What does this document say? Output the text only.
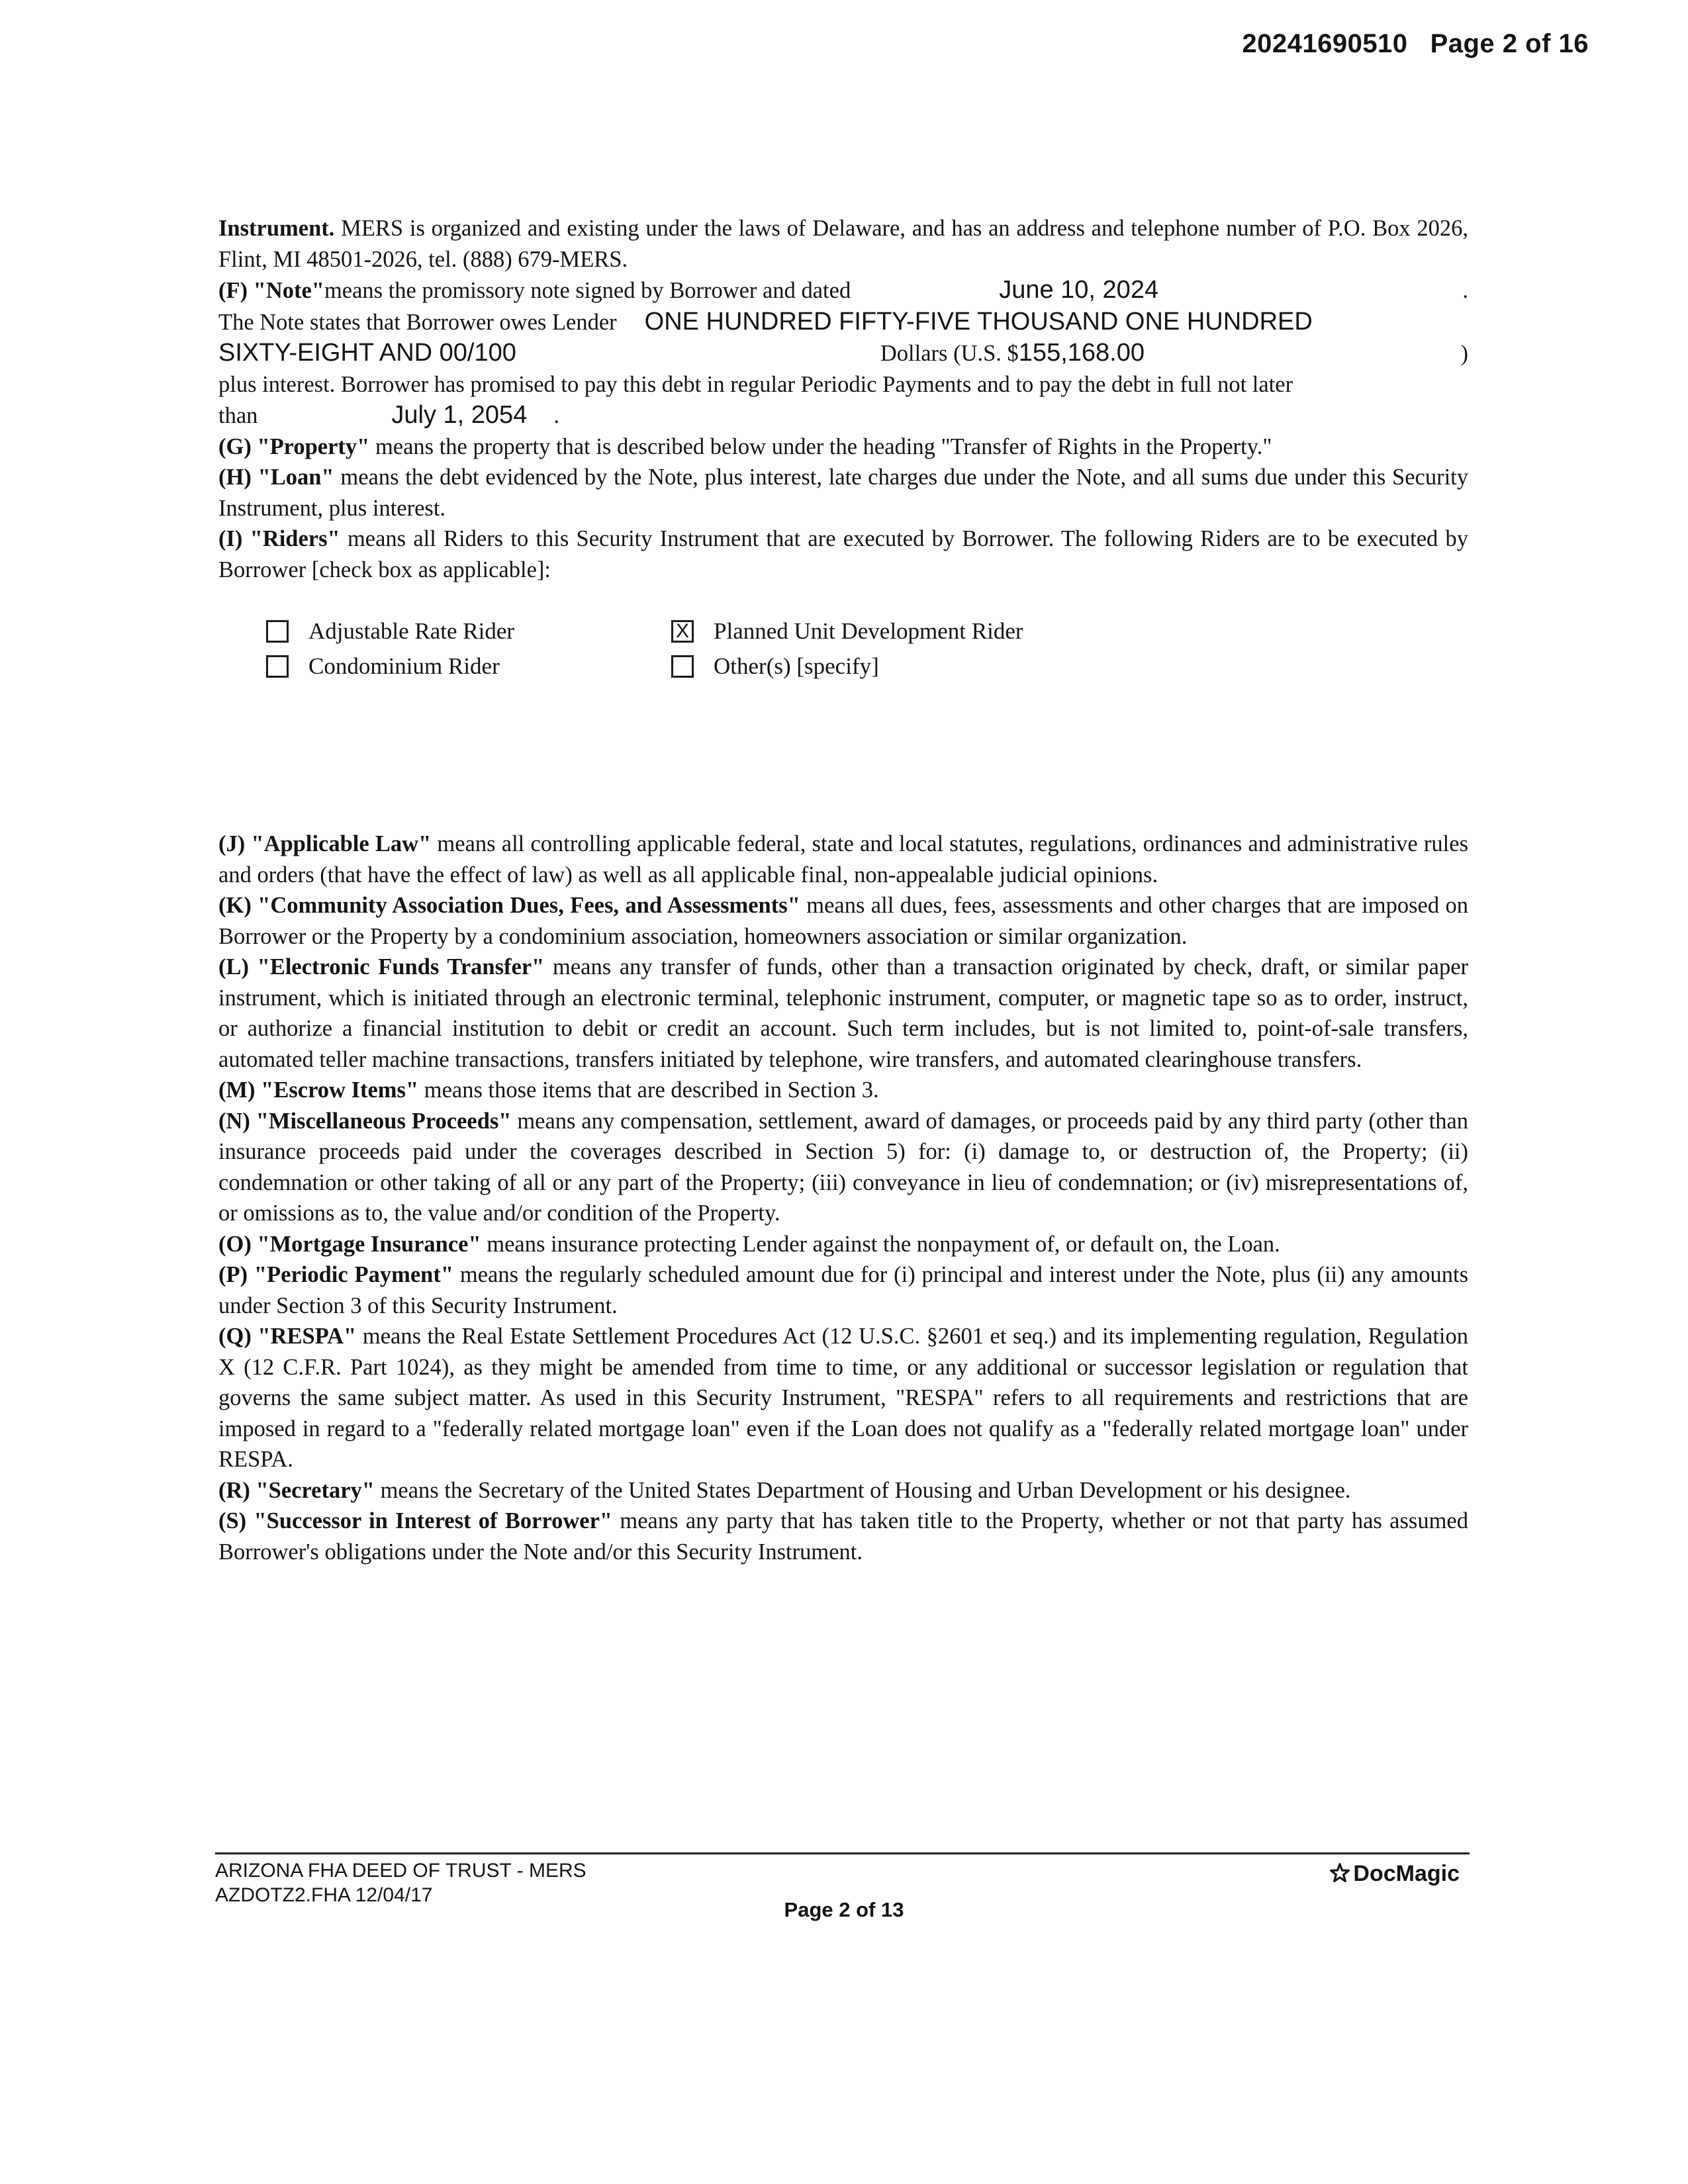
20241690510 Page 2 of 16

Instrument. MERS is organized and existing under the laws of Delaware, and has an address and telephone number of P.O. Box 2026, Flint, MI 48501-2026, tel. (888) 679-MERS.

(F) "Note" means the promissory note signed by Borrower and dated	June 10, 2024	.
The Note states that Borrower owes Lender ONE HUNDRED FIFTY-FIVE THOUSAND ONE HUNDRED
SIXTY-EIGHT AND 00/100	Dollars (U.S. $ 155,168.00	)

plus interest. Borrower has promised to pay this debt in regular Periodic Payments and to pay the debt in full not later

than	July 1, 2054 .

(G) "Property" means the property that is described below under the heading "Transfer of Rights in the Property."

(H) "Loan" means the debt evidenced by the Note, plus interest, late charges due under the Note, and all sums due under this Security Instrument, plus interest.

(I) "Riders" means all Riders to this Security Instrument that are executed by Borrower. The following Riders are to be executed by Borrower [check box as applicable]:

Adjustable Rate Rider	X Planned Unit Development Rider
Condominium Rider	Other(s) [specify]

(J) "Applicable Law" means all controlling applicable federal, state and local statutes, regulations, ordinances and administrative rules and orders (that have the effect of law) as well as all applicable final, non-appealable judicial opinions.

(K) "Community Association Dues, Fees, and Assessments" means all dues, fees, assessments and other charges that are imposed on Borrower or the Property by a condominium association, homeowners association or similar organization.

(L) "Electronic Funds Transfer" means any transfer of funds, other than a transaction originated by check, draft, or similar paper instrument, which is initiated through an electronic terminal, telephonic instrument, computer, or magnetic tape so as to order, instruct, or authorize a financial institution to debit or credit an account. Such term includes, but is not limited to, point-of-sale transfers, automated teller machine transactions, transfers initiated by telephone, wire transfers, and automated clearinghouse transfers.

(M) "Escrow Items" means those items that are described in Section 3.

(N) "Miscellaneous Proceeds" means any compensation, settlement, award of damages, or proceeds paid by any third party (other than insurance proceeds paid under the coverages described in Section 5) for: (i) damage to, or destruction of, the Property; (ii) condemnation or other taking of all or any part of the Property; (iii) conveyance in lieu of condemnation; or (iv) misrepresentations of, or omissions as to, the value and/or condition of the Property.

(O) "Mortgage Insurance" means insurance protecting Lender against the nonpayment of, or default on, the Loan.

(P) "Periodic Payment" means the regularly scheduled amount due for (i) principal and interest under the Note, plus (ii) any amounts under Section 3 of this Security Instrument.

(Q) "RESPA" means the Real Estate Settlement Procedures Act (12 U.S.C. §2601 et seq.) and its implementing regulation, Regulation X (12 C.F.R. Part 1024), as they might be amended from time to time, or any additional or successor legislation or regulation that governs the same subject matter. As used in this Security Instrument, "RESPA" refers to all requirements and restrictions that are imposed in regard to a "federally related mortgage loan" even if the Loan does not qualify as a "federally related mortgage loan" under RESPA.

(R) "Secretary" means the Secretary of the United States Department of Housing and Urban Development or his designee.

(S) "Successor in Interest of Borrower" means any party that has taken title to the Property, whether or not that party has assumed Borrower's obligations under the Note and/or this Security Instrument.

ARIZONA FHA DEED OF TRUST - MERS
AZDOTZ2.FHA 12/04/17
DocMagic
Page 2 of 13
